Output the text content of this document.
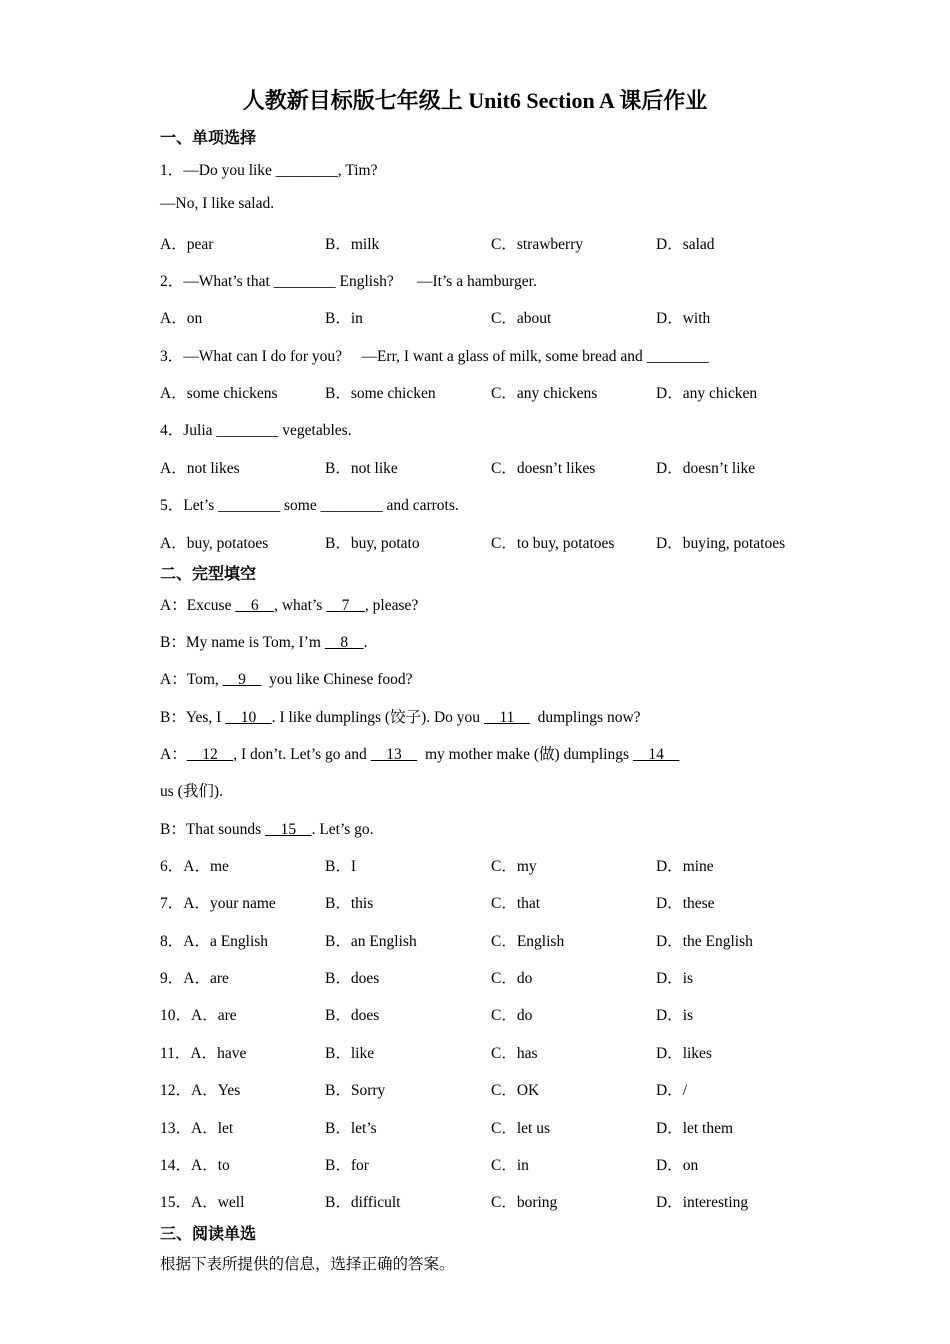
人教新目标版七年级上 Unit6 Section A 课后作业
一、单项选择
1．—Do you like ________, Tim?
—No, I like salad.
A．pear	B．milk	C．strawberry	D．salad
2．—What’s that ________ English?      —It’s a hamburger.
A．on	B．in	C．about	D．with
3．—What can I do for you?     —Err, I want a glass of milk, some bread and ________
A．some chickens	B．some chicken	C．any chickens	D．any chicken
4．Julia ________ vegetables.
A．not likes	B．not like	C．doesn’t likes	D．doesn’t like
5．Let’s ________ some ________ and carrots.
A．buy, potatoes	B．buy, potato	C．to buy, potatoes	D．buying, potatoes
二、完型填空
A：Excuse     6    , what’s     7    , please?
B：My name is Tom, I’m     8    .
A：Tom,     9      you like Chinese food?
B：Yes, I     10    . I like dumplings (饺子). Do you     11      dumplings now?
A：    12    , I don’t. Let’s go and     13      my mother make (做) dumplings     14
us (我们).
B：That sounds     15    . Let’s go.
6．A．me	B．I	C．my	D．mine
7．A．your name	B．this	C．that	D．these
8．A．a English	B．an English	C．English	D．the English
9．A．are	B．does	C．do	D．is
10．A．are	B．does	C．do	D．is
11．A．have	B．like	C．has	D．likes
12．A．Yes	B．Sorry	C．OK	D．/
13．A．let	B．let’s	C．let us	D．let them
14．A．to	B．for	C．in	D．on
15．A．well	B．difficult	C．boring	D．interesting
三、阅读单选
根据下表所提供的信息，选择正确的答案。
